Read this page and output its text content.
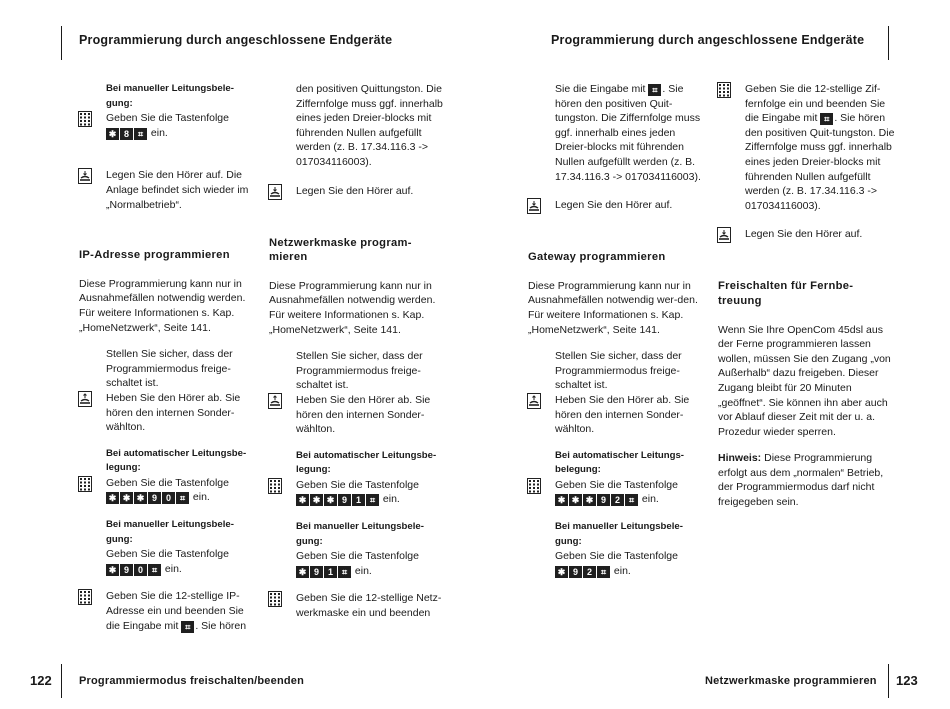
Programmierung durch angeschlossene Endgeräte

Bei manueller Leitungsbele-
gung:

Geben Sie die Tastenfolge
✱ 8 ⌗ ein.
Legen Sie den Hörer auf. Die Anlage befindet sich wieder im „Normalbetrieb“.
IP-Adresse programmieren

Diese Programmierung kann nur in Ausnahmefällen notwendig werden. Für weitere Informationen s. Kap. „HomeNetzwerk“, Seite 141.

Stellen Sie sicher, dass der Programmiermodus freige-schaltet ist.

Heben Sie den Hörer ab. Sie hören den internen Sonder-wählton.

Bei automatischer Leitungsbe-
legung:

Geben Sie die Tastenfolge
✱ ✱ ✱ 9 0 ⌗ ein.

Bei manueller Leitungsbele-
gung:

Geben Sie die Tastenfolge

✱ 9 0 ⌗ ein.

Geben Sie die 12-stellige IP-Adresse ein und beenden Sie die Eingabe mit ⌗ . Sie hören

den positiven Quittungston. Die Ziffernfolge muss ggf. innerhalb eines jeden Dreier-blocks mit führenden Nullen aufgefüllt werden (z. B. 17.34.116.3 -> 017034116003).

Legen Sie den Hörer auf.
Netzwerkmaske program-
mieren

Diese Programmierung kann nur in Ausnahmefällen notwendig werden. Für weitere Informationen s. Kap. „HomeNetzwerk“, Seite 141.

Stellen Sie sicher, dass der Programmiermodus freige-schaltet ist.

Heben Sie den Hörer ab. Sie hören den internen Sonder-wählton.

Bei automatischer Leitungsbe-
legung:

Geben Sie die Tastenfolge
✱ ✱ ✱ 9 1 ⌗ ein.

Bei manueller Leitungsbele-
gung:

Geben Sie die Tastenfolge

✱ 9 1 ⌗ ein.

Geben Sie die 12-stellige Netz-werkmaske ein und beenden
122 Programmiermodus freischalten/beenden
Programmierung durch angeschlossene Endgeräte

Sie die Eingabe mit ⌗ . Sie hören den positiven Quit-tungston. Die Ziffernfolge muss ggf. innerhalb eines jeden Dreier-blocks mit führenden Nullen aufgefüllt werden (z. B. 17.34.116.3 -> 017034116003).

Legen Sie den Hörer auf.
Gateway programmieren

Diese Programmierung kann nur in Ausnahmefällen notwendig wer-den. Für weitere Informationen s. Kap. „HomeNetzwerk“, Seite 141.

Stellen Sie sicher, dass der Programmiermodus freige-schaltet ist.

Heben Sie den Hörer ab. Sie hören den internen Sonder-wählton.

Bei automatischer Leitungs-
belegung:

Geben Sie die Tastenfolge
✱ ✱ ✱ 9 2 ⌗ ein.

Bei manueller Leitungsbele-
gung:

Geben Sie die Tastenfolge

✱ 9 2 ⌗ ein.

Geben Sie die 12-stellige Zif-fernfolge ein und beenden Sie die Eingabe mit ⌗ . Sie hören den positiven Quit-tungston. Die Ziffernfolge muss ggf. innerhalb eines jeden Dreier-blocks mit führenden Nullen aufgefüllt werden (z. B. 17.34.116.3 -> 017034116003).
Legen Sie den Hörer auf.
Freischalten für Fernbe-
treuung

Wenn Sie Ihre OpenCom 45dsl aus der Ferne programmieren lassen wollen, müssen Sie den Zugang „von Außerhalb“ dazu freigeben. Dieser Zugang bleibt für 20 Minuten „geöffnet“. Sie können ihn aber auch vor Ablauf dieser Zeit mit der u. a. Prozedur wieder sperren.

Hinweis: Diese Programmierung erfolgt aus dem „normalen“ Betrieb, der Programmiermodus darf nicht freigegeben sein.

Netzwerkmaske programmieren 123
